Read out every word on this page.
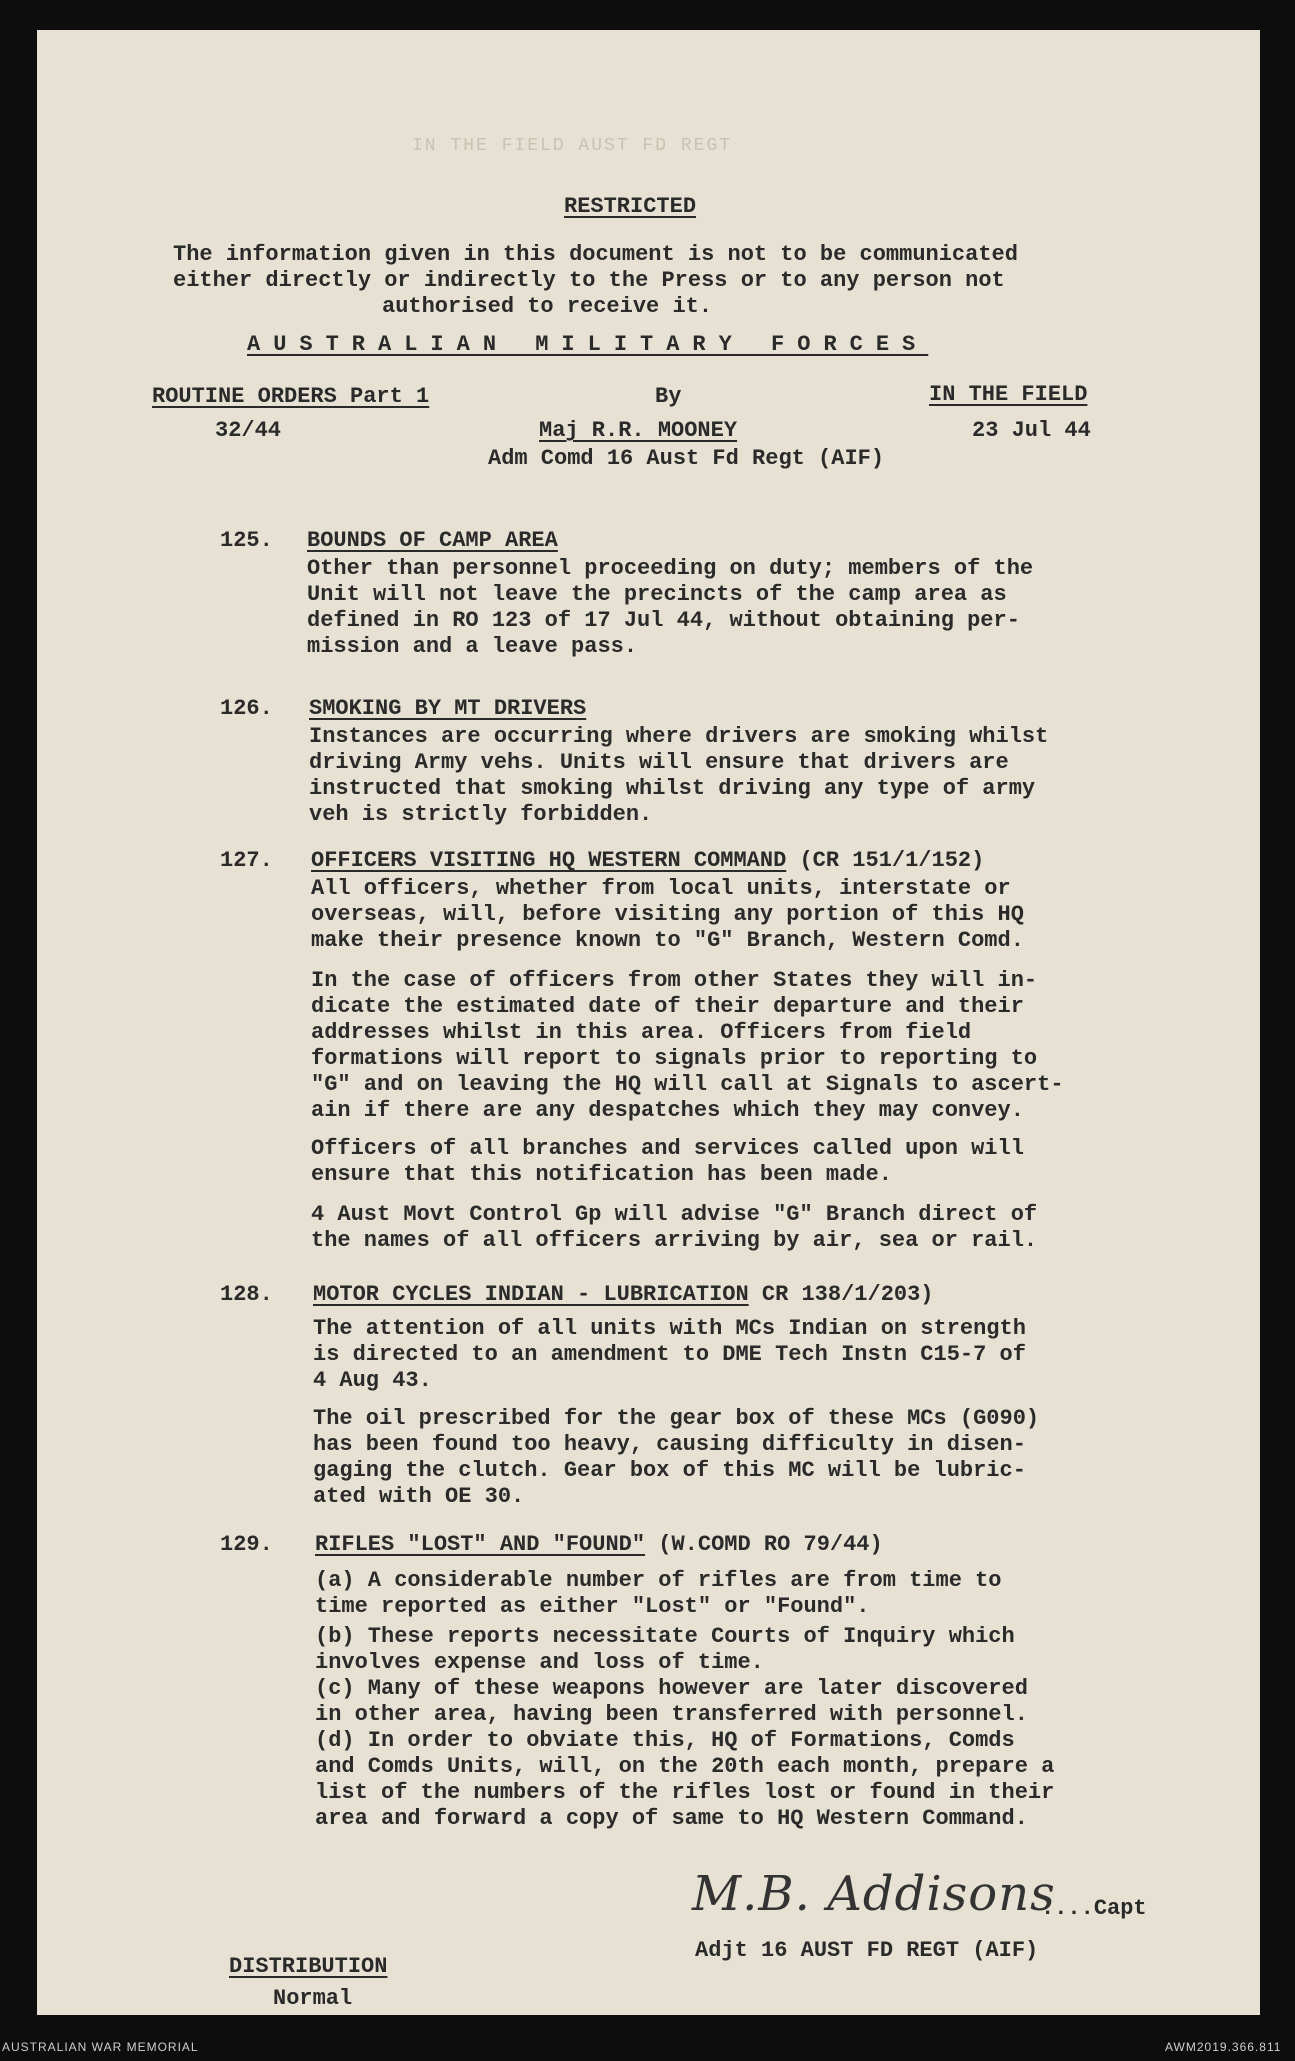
IN THE FIELD AUST FD REGT
RESTRICTED
The information given in this document is not to be communicated
either directly or indirectly to the Press or to any person not
authorised to receive it.
AUSTRALIAN MILITARY FORCES
ROUTINE ORDERS Part 1
32/44
By
Maj R.R. MOONEY
Adm Comd 16 Aust Fd Regt (AIF)
IN THE FIELD
23 Jul 44
125. BOUNDS OF CAMP AREA
Other than personnel proceeding on duty; members of the
Unit will not leave the precincts of the camp area as
defined in RO 123 of 17 Jul 44, without obtaining per-
mission and a leave pass.
126. SMOKING BY MT DRIVERS
Instances are occurring where drivers are smoking whilst
driving Army vehs. Units will ensure that drivers are
instructed that smoking whilst driving any type of army
veh is strictly forbidden.
127. OFFICERS VISITING HQ WESTERN COMMAND (CR 151/1/152)
All officers, whether from local units, interstate or
overseas, will, before visiting any portion of this HQ
make their presence known to "G" Branch, Western Comd.
In the case of officers from other States they will in-
dicate the estimated date of their departure and their
addresses whilst in this area. Officers from field
formations will report to signals prior to reporting to
"G" and on leaving the HQ will call at Signals to ascert-
ain if there are any despatches which they may convey.
Officers of all branches and services called upon will
ensure that this notification has been made.
4 Aust Movt Control Gp will advise "G" Branch direct of
the names of all officers arriving by air, sea or rail.
128. MOTOR CYCLES INDIAN - LUBRICATION CR 138/1/203)
The attention of all units with MCs Indian on strength
is directed to an amendment to DME Tech Instn C15-7 of
4 Aug 43.
The oil prescribed for the gear box of these MCs (G090)
has been found too heavy, causing difficulty in disen-
gaging the clutch. Gear box of this MC will be lubric-
ated with OE 30.
129. RIFLES "LOST" AND "FOUND" (W.COMD RO 79/44)
(a) A considerable number of rifles are from time to
time reported as either "Lost" or "Found".
(b) These reports necessitate Courts of Inquiry which
involves expense and loss of time.
(c) Many of these weapons however are later discovered
in other area, having been transferred with personnel.
(d) In order to obviate this, HQ of Formations, Comds
and Comds Units, will, on the 20th each month, prepare a
list of the numbers of the rifles lost or found in their
area and forward a copy of same to HQ Western Command.
M.B. Addisons
....Capt
Adjt 16 AUST FD REGT (AIF)
DISTRIBUTION
Normal
AUSTRALIAN WAR MEMORIAL	AWM2019.366.811
